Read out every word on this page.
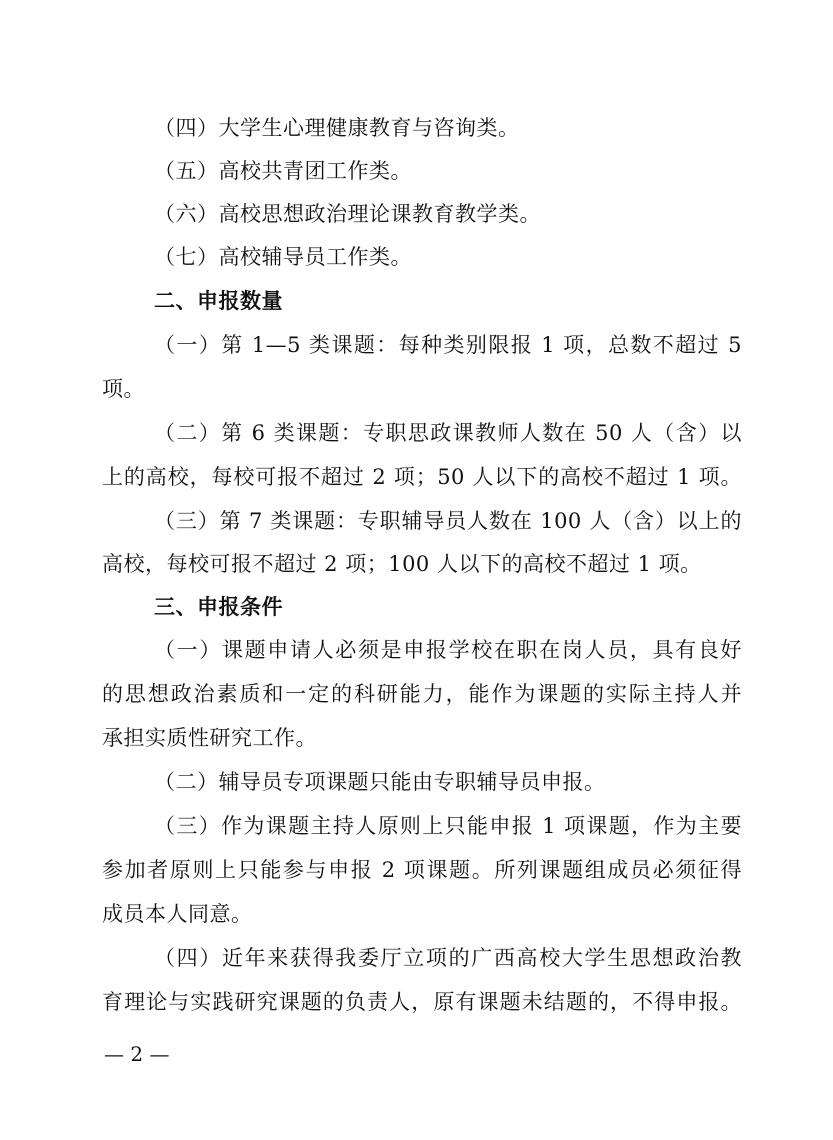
（四）大学生心理健康教育与咨询类。
（五）高校共青团工作类。
（六）高校思想政治理论课教育教学类。
（七）高校辅导员工作类。
二、申报数量
（一）第 1—5 类课题：每种类别限报 1 项，总数不超过 5
项。
（二）第 6 类课题：专职思政课教师人数在 50 人（含）以
上的高校，每校可报不超过 2 项；50 人以下的高校不超过 1 项。
（三）第 7 类课题：专职辅导员人数在 100 人（含）以上的
高校，每校可报不超过 2 项；100 人以下的高校不超过 1 项。
三、申报条件
（一）课题申请人必须是申报学校在职在岗人员，具有良好
的思想政治素质和一定的科研能力，能作为课题的实际主持人并
承担实质性研究工作。
（二）辅导员专项课题只能由专职辅导员申报。
（三）作为课题主持人原则上只能申报 1 项课题，作为主要
参加者原则上只能参与申报 2 项课题。所列课题组成员必须征得
成员本人同意。
（四）近年来获得我委厅立项的广西高校大学生思想政治教
育理论与实践研究课题的负责人，原有课题未结题的，不得申报。
— 2 —
